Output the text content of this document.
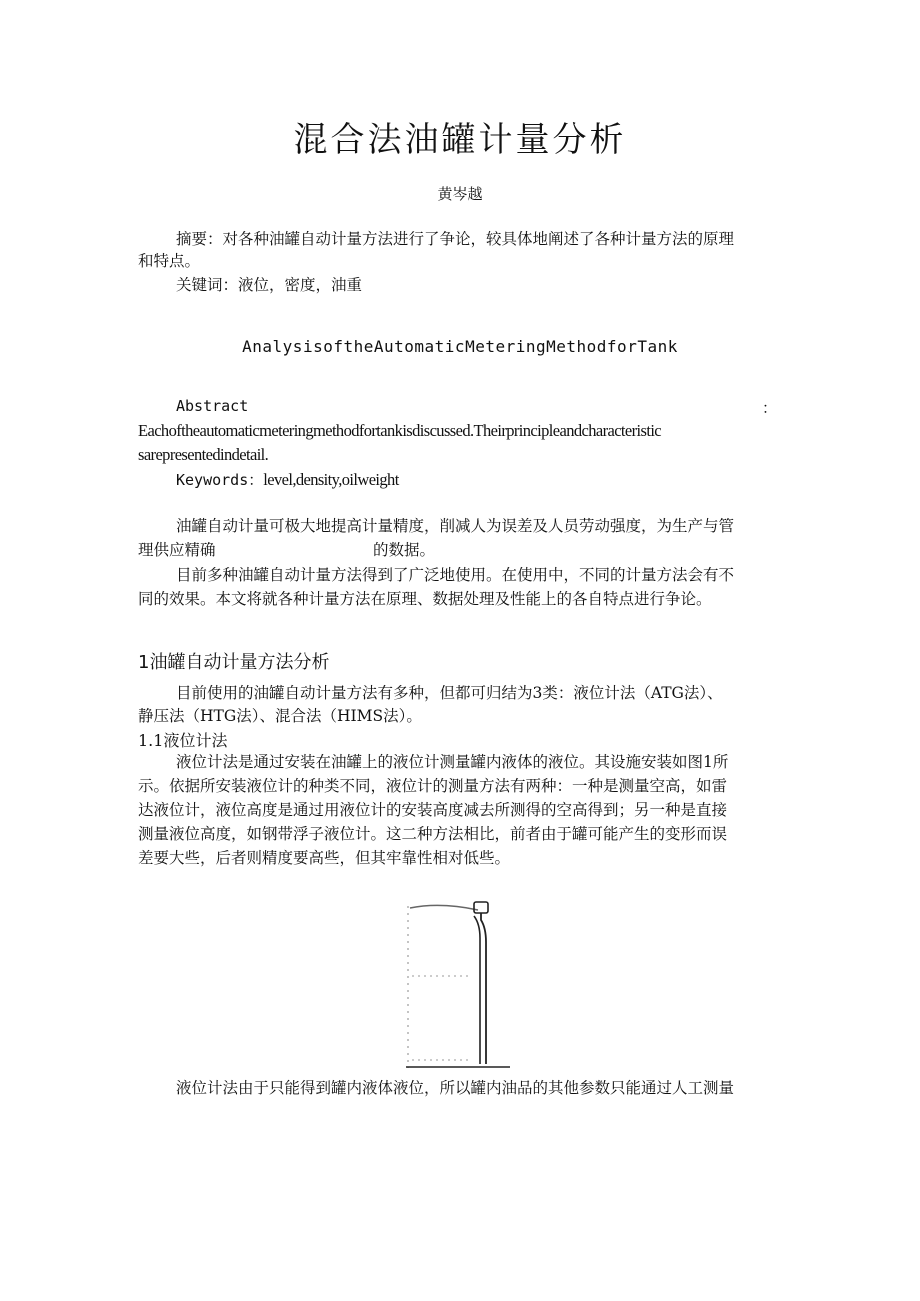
混合法油罐计量分析
黄岑越
摘要：对各种油罐自动计量方法进行了争论，较具体地阐述了各种计量方法的原理
和特点。
关键词：液位，密度，油重
AnalysisoftheAutomaticMeteringMethodforTank
Abstract	：
Eachoftheautomaticmeteringmethodfortankisdiscussed.Theirprincipleandcharacteristic
sarepresentedindetail.
Keywords：level,density,oilweight
油罐自动计量可极大地提高计量精度，削减人为误差及人员劳动强度，为生产与管
理供应精确	的数据。
目前多种油罐自动计量方法得到了广泛地使用。在使用中，不同的计量方法会有不
同的效果。本文将就各种计量方法在原理、数据处理及性能上的各自特点进行争论。
1油罐自动计量方法分析
目前使用的油罐自动计量方法有多种，但都可归结为3类：液位计法（ATG法）、
静压法（HTG法）、混合法（HIMS法）。
1.1液位计法
液位计法是通过安装在油罐上的液位计测量罐内液体的液位。其设施安装如图1所
示。依据所安装液位计的种类不同，液位计的测量方法有两种：一种是测量空高，如雷
达液位计，液位高度是通过用液位计的安装高度减去所测得的空高得到；另一种是直接
测量液位高度，如钢带浮子液位计。这二种方法相比，前者由于罐可能产生的变形而误
差要大些，后者则精度要高些，但其牢靠性相对低些。
液位计法由于只能得到罐内液体液位，所以罐内油品的其他参数只能通过人工测量
